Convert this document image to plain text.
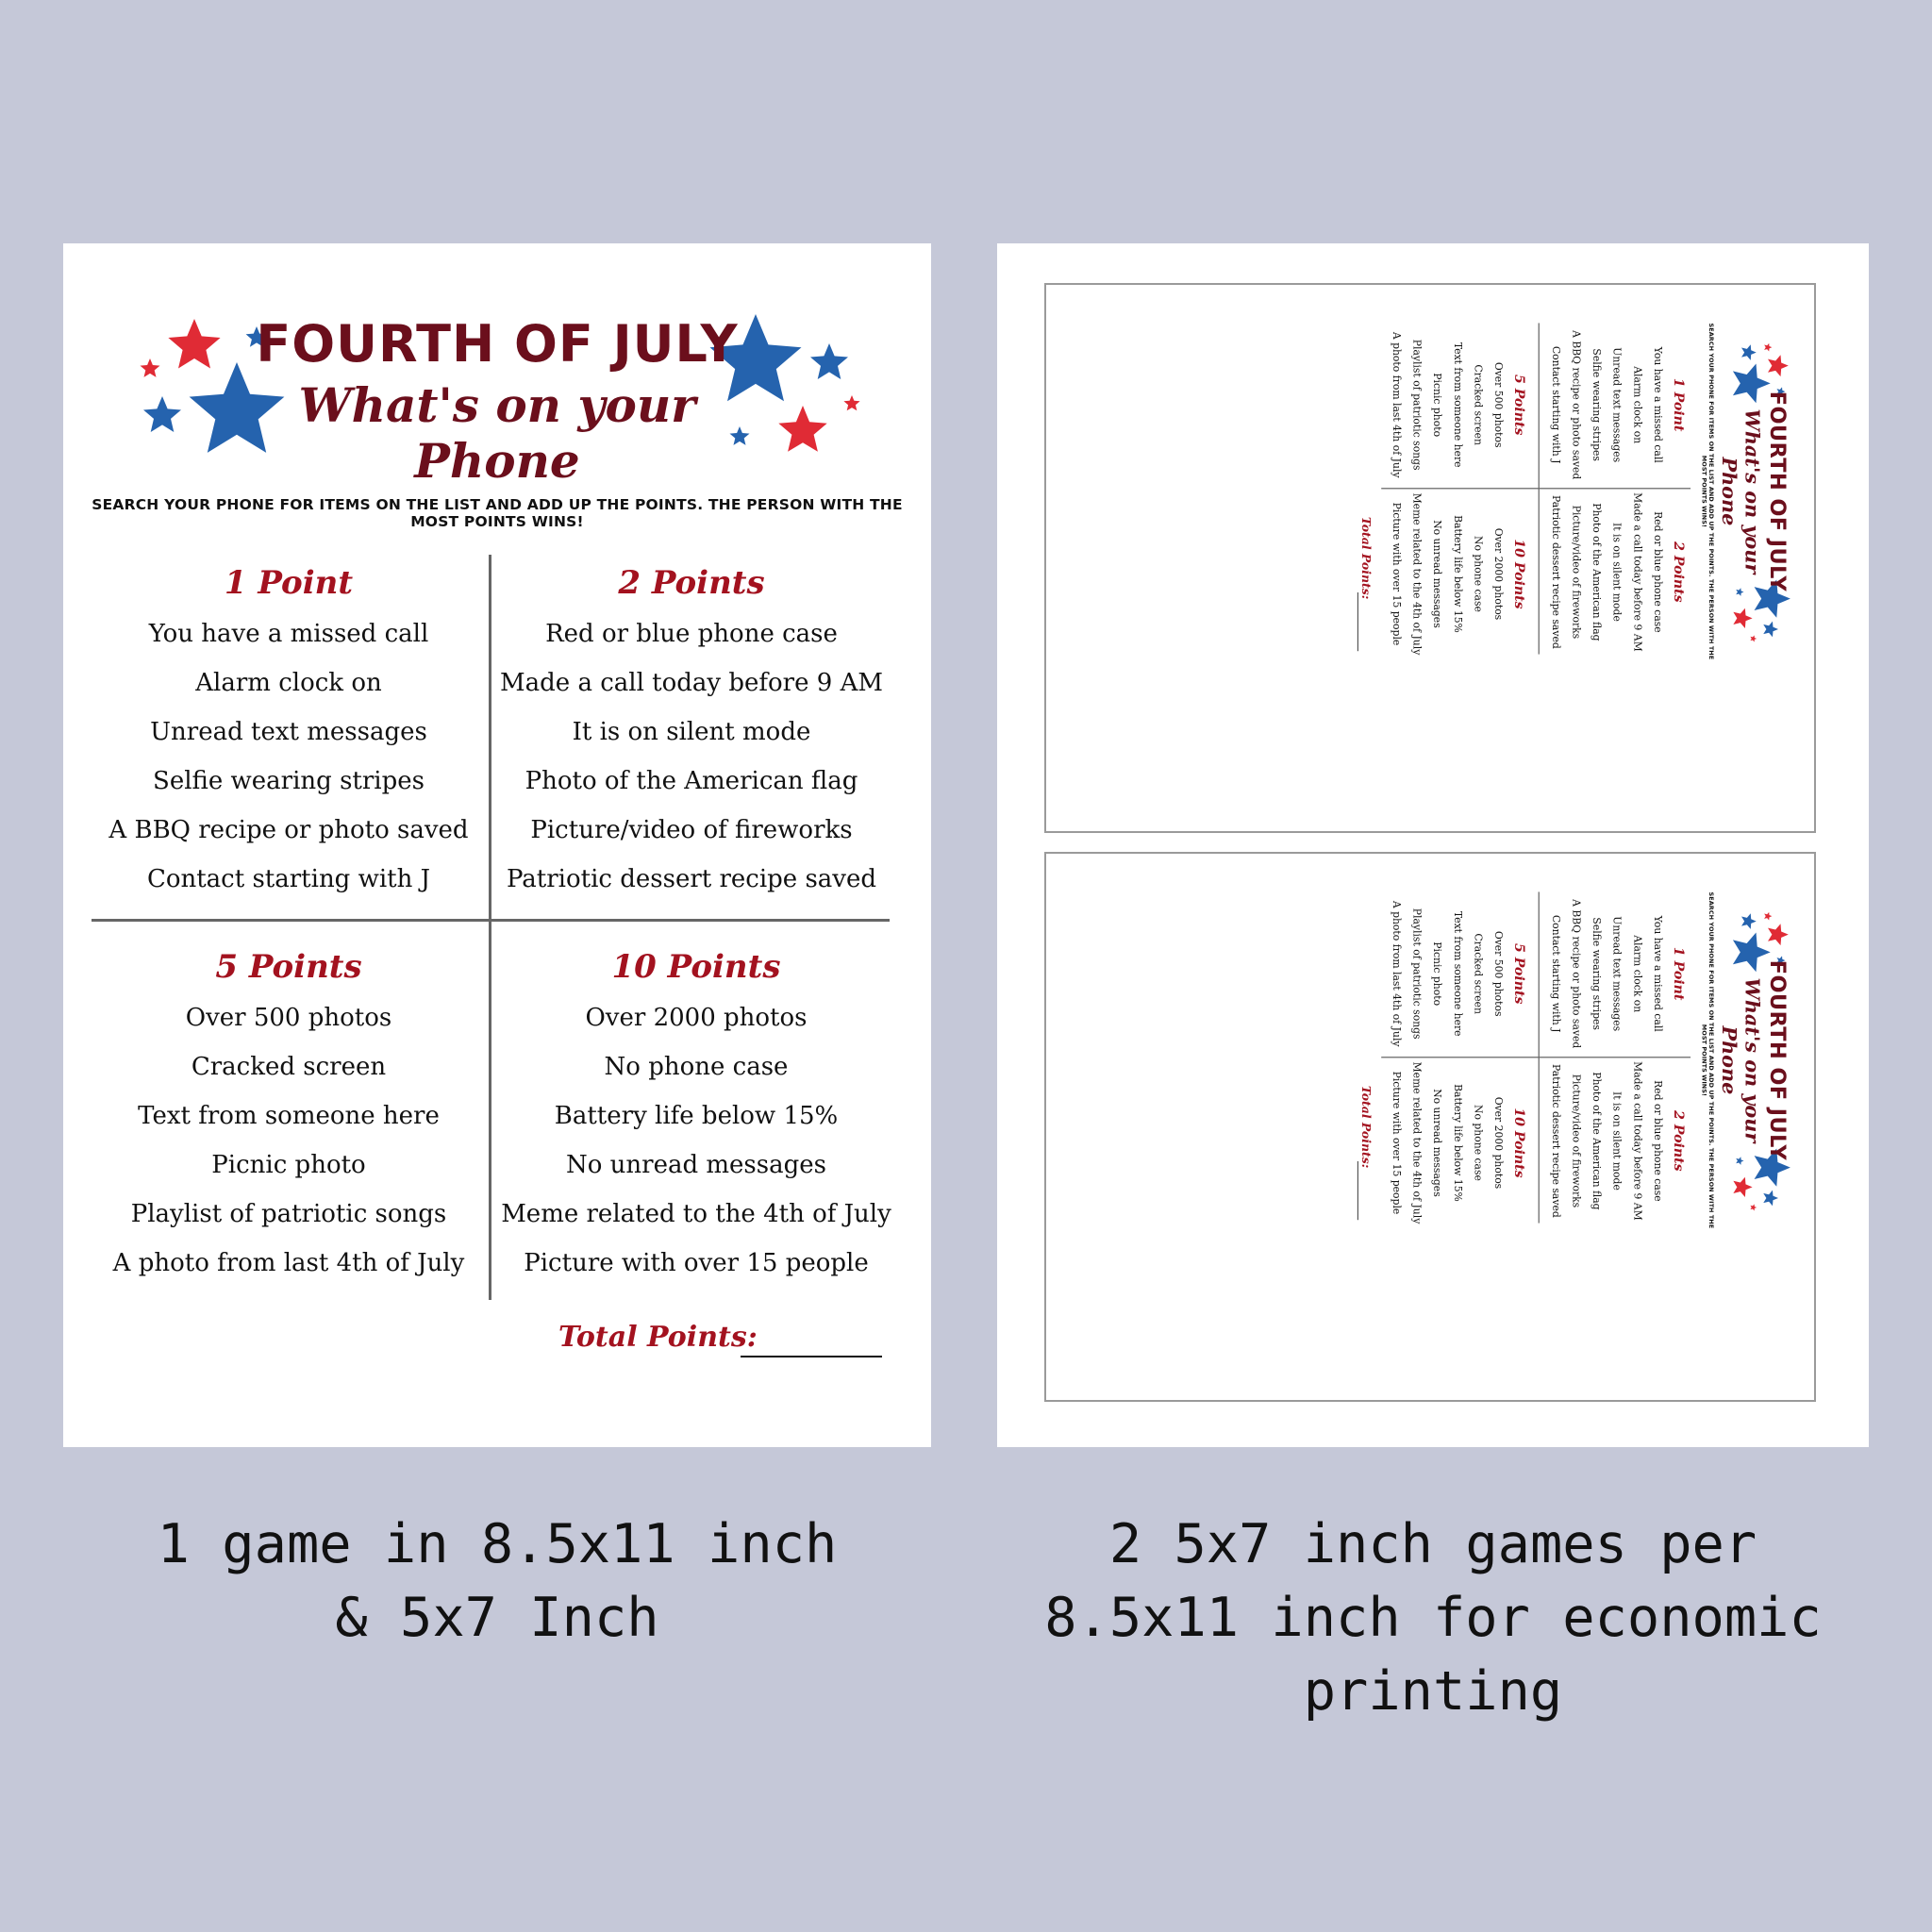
FOURTH OF JULY
What's on your Phone
SEARCH YOUR PHONE FOR ITEMS ON THE LIST AND ADD UP THE POINTS. THE PERSON WITH THE MOST POINTS WINS!
1 Point
You have a missed call
Alarm clock on
Unread text messages
Selfie wearing stripes
A BBQ recipe or photo saved
Contact starting with J
2 Points
Red or blue phone case
Made a call today before 9 AM
It is on silent mode
Photo of the American flag
Picture/video of fireworks
Patriotic dessert recipe saved
5 Points
Over 500 photos
Cracked screen
Text from someone here
Picnic photo
Playlist of patriotic songs
A photo from last 4th of July
10 Points
Over 2000 photos
No phone case
Battery life below 15%
No unread messages
Meme related to the 4th of July
Picture with over 15 people
Total Points:
FOURTH OF JULY
What's on your Phone
SEARCH YOUR PHONE FOR ITEMS ON THE LIST AND ADD UP THE POINTS. THE PERSON WITH THE MOST POINTS WINS!
1 Point
You have a missed call
Alarm clock on
Unread text messages
Selfie wearing stripes
A BBQ recipe or photo saved
Contact starting with J
2 Points
Red or blue phone case
Made a call today before 9 AM
It is on silent mode
Photo of the American flag
Picture/video of fireworks
Patriotic dessert recipe saved
5 Points
Over 500 photos
Cracked screen
Text from someone here
Picnic photo
Playlist of patriotic songs
A photo from last 4th of July
10 Points
Over 2000 photos
No phone case
Battery life below 15%
No unread messages
Meme related to the 4th of July
Picture with over 15 people
Total Points:
FOURTH OF JULY
What's on your Phone
SEARCH YOUR PHONE FOR ITEMS ON THE LIST AND ADD UP THE POINTS. THE PERSON WITH THE MOST POINTS WINS!
1 Point
You have a missed call
Alarm clock on
Unread text messages
Selfie wearing stripes
A BBQ recipe or photo saved
Contact starting with J
2 Points
Red or blue phone case
Made a call today before 9 AM
It is on silent mode
Photo of the American flag
Picture/video of fireworks
Patriotic dessert recipe saved
5 Points
Over 500 photos
Cracked screen
Text from someone here
Picnic photo
Playlist of patriotic songs
A photo from last 4th of July
10 Points
Over 2000 photos
No phone case
Battery life below 15%
No unread messages
Meme related to the 4th of July
Picture with over 15 people
Total Points:
1 game in 8.5x11 inch
& 5x7 Inch
2 5x7 inch games per
8.5x11 inch for economic
printing
